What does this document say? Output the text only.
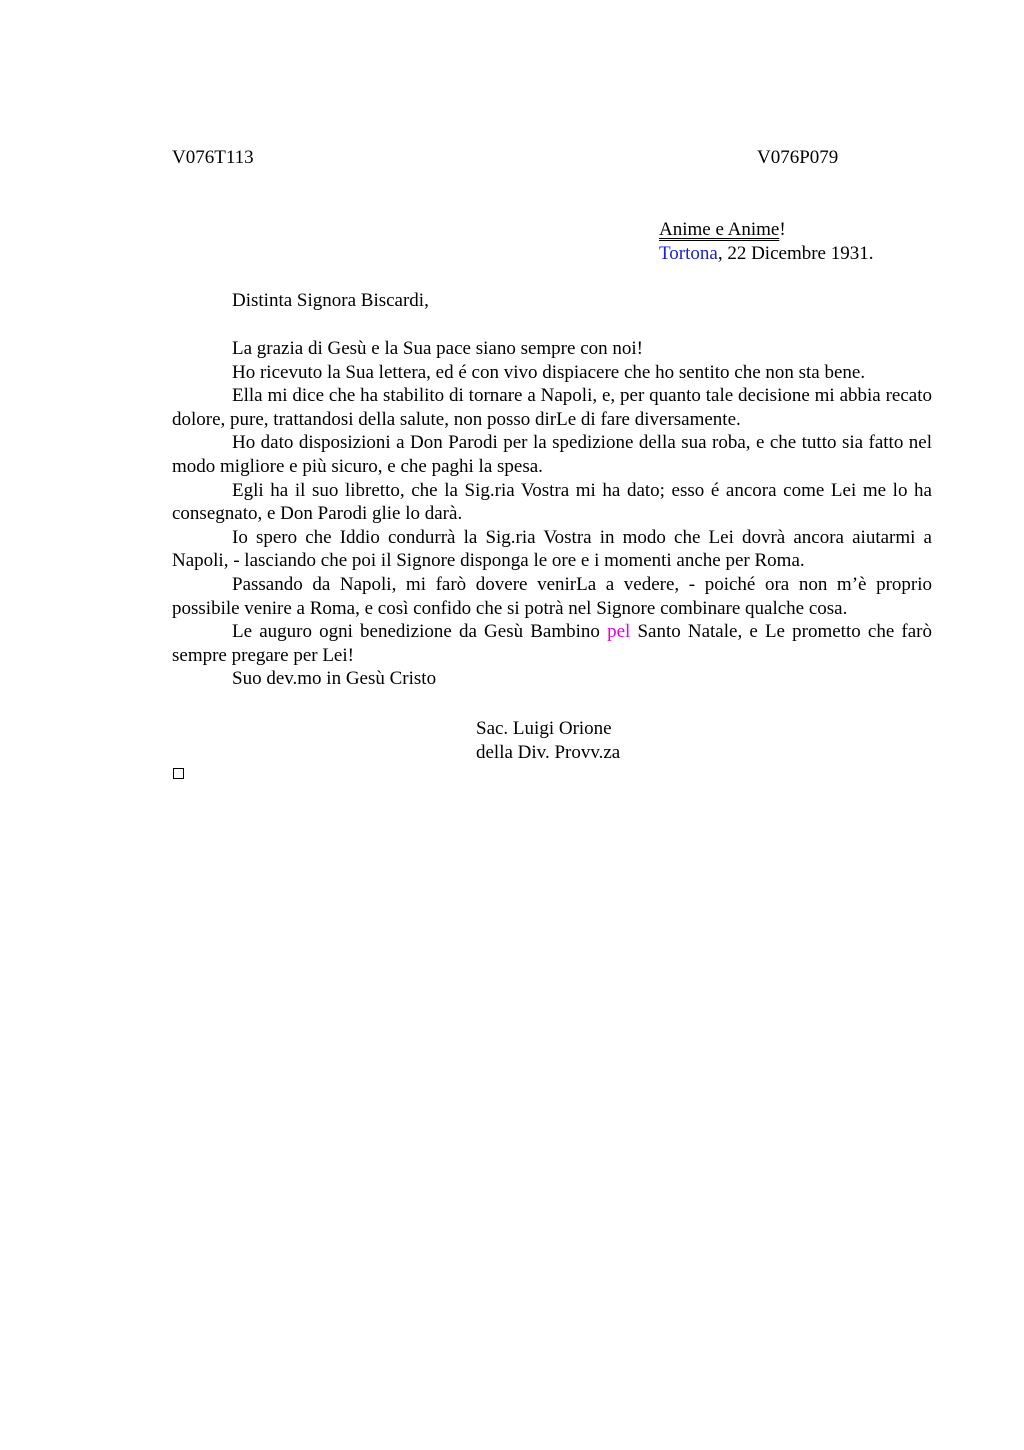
V076T113	V076P079
Anime e Anime!
Tortona, 22 Dicembre 1931.
Distinta Signora Biscardi,

La grazia di Gesù e la Sua pace siano sempre con noi!

Ho ricevuto la Sua lettera, ed é con vivo dispiacere che ho sentito che non sta bene.

Ella mi dice che ha stabilito di tornare a Napoli, e, per quanto tale decisione mi abbia recato dolore, pure, trattandosi della salute, non posso dirLe di fare diversamente.

Ho dato disposizioni a Don Parodi per la spedizione della sua roba, e che tutto sia fatto nel modo migliore e più sicuro, e che paghi la spesa.

Egli ha il suo libretto, che la Sig.ria Vostra mi ha dato; esso é ancora come Lei me lo ha consegnato, e Don Parodi glie lo darà.

Io spero che Iddio condurrà la Sig.ria Vostra in modo che Lei dovrà ancora aiutarmi a Napoli, - lasciando che poi il Signore disponga le ore e i momenti anche per Roma.

Passando da Napoli, mi farò dovere venirLa a vedere, - poiché ora non m’è proprio possibile venire a Roma, e così confido che si potrà nel Signore combinare qualche cosa.

Le auguro ogni benedizione da Gesù Bambino pel Santo Natale, e Le prometto che farò sempre pregare per Lei!

Suo dev.mo in Gesù Cristo

Sac. Luigi Orione
della Div. Provv.za
